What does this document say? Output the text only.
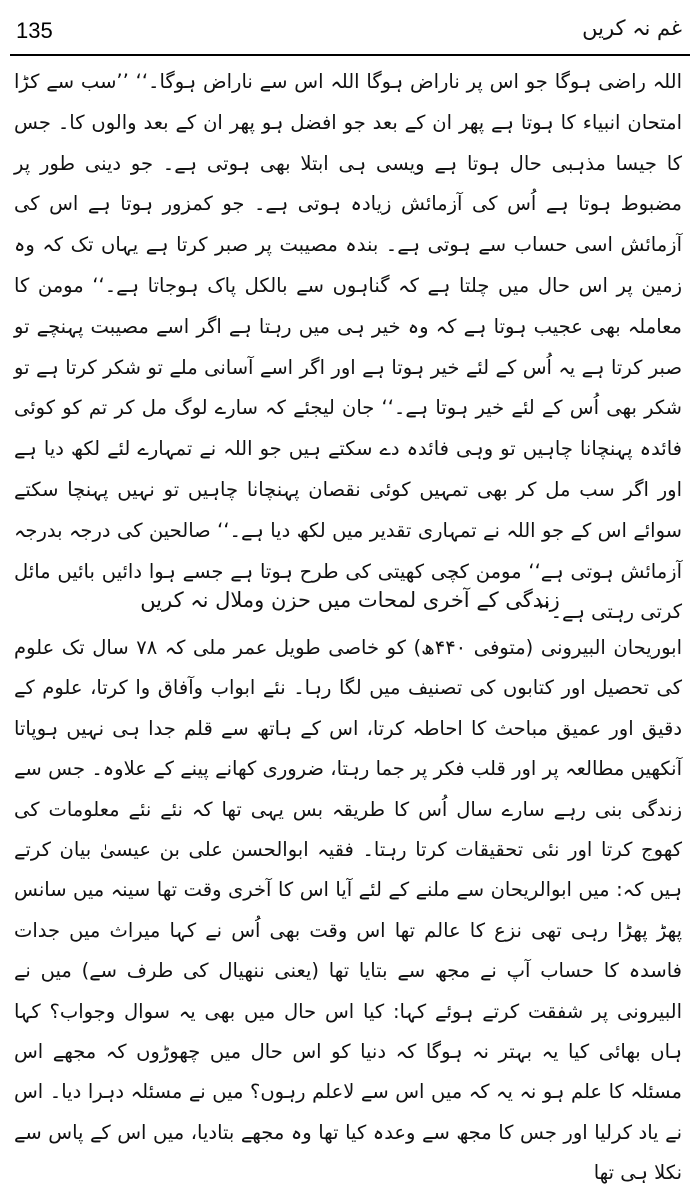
135	غم نہ کریں

اللہ راضی ہوگا جو اس پر ناراض ہوگا اللہ اس سے ناراض ہوگا۔‘‘ ’’سب سے کڑا امتحان انبیاء کا ہوتا ہے پھر ان کے بعد جو افضل ہو پھر ان کے بعد والوں کا۔ جس کا جیسا مذہبی حال ہوتا ہے ویسی ہی ابتلا بھی ہوتی ہے۔ جو دینی طور پر مضبوط ہوتا ہے اُس کی آزمائش زیادہ ہوتی ہے۔ جو کمزور ہوتا ہے اس کی آزمائش اسی حساب سے ہوتی ہے۔ بندہ مصیبت پر صبر کرتا ہے یہاں تک کہ وہ زمین پر اس حال میں چلتا ہے کہ گناہوں سے بالکل پاک ہوجاتا ہے۔‘‘ مومن کا معاملہ بھی عجیب ہوتا ہے کہ وہ خیر ہی میں رہتا ہے اگر اسے مصیبت پہنچے تو صبر کرتا ہے یہ اُس کے لئے خیر ہوتا ہے اور اگر اسے آسانی ملے تو شکر کرتا ہے تو شکر بھی اُس کے لئے خیر ہوتا ہے۔‘‘ جان لیجئے کہ سارے لوگ مل کر تم کو کوئی فائدہ پہنچانا چاہیں تو وہی فائدہ دے سکتے ہیں جو اللہ نے تمہارے لئے لکھ دیا ہے اور اگر سب مل کر بھی تمہیں کوئی نقصان پہنچانا چاہیں تو نہیں پہنچا سکتے سوائے اس کے جو اللہ نے تمہاری تقدیر میں لکھ دیا ہے۔‘‘ صالحین کی درجہ بدرجہ آزمائش ہوتی ہے‘‘ مومن کچی کھیتی کی طرح ہوتا ہے جسے ہوا دائیں بائیں مائل کرتی رہتی ہے۔‘‘

زندگی کے آخری لمحات میں حزن وملال نہ کریں

ابوریحان البیرونی (متوفی ۴۴۰ھ) کو خاصی طویل عمر ملی کہ ۷۸ سال تک علوم کی تحصیل اور کتابوں کی تصنیف میں لگا رہا۔ نئے ابواب وآفاق وا کرتا، علوم کے دقیق اور عمیق مباحث کا احاطہ کرتا، اس کے ہاتھ سے قلم جدا ہی نہیں ہوپاتا آنکھیں مطالعہ پر اور قلب فکر پر جما رہتا، ضروری کھانے پینے کے علاوہ۔ جس سے زندگی بنی رہے سارے سال اُس کا طریقہ بس یہی تھا کہ نئے نئے معلومات کی کھوج کرتا اور نئی تحقیقات کرتا رہتا۔ فقیہ ابوالحسن علی بن عیسیٰ بیان کرتے ہیں کہ: میں ابوالریحان سے ملنے کے لئے آیا اس کا آخری وقت تھا سینہ میں سانس پھڑ پھڑا رہی تھی نزع کا عالم تھا اس وقت بھی اُس نے کہا میراث میں جدات فاسدہ کا حساب آپ نے مجھ سے بتایا تھا (یعنی ننھیال کی طرف سے) میں نے البیرونی پر شفقت کرتے ہوئے کہا: کیا اس حال میں بھی یہ سوال وجواب؟ کہا ہاں بھائی کیا یہ بہتر نہ ہوگا کہ دنیا کو اس حال میں چھوڑوں کہ مجھے اس مسئلہ کا علم ہو نہ یہ کہ میں اس سے لاعلم رہوں؟ میں نے مسئلہ دہرا دیا۔ اس نے یاد کرلیا اور جس کا مجھ سے وعدہ کیا تھا وہ مجھے بتادیا، میں اس کے پاس سے نکلا ہی تھا
